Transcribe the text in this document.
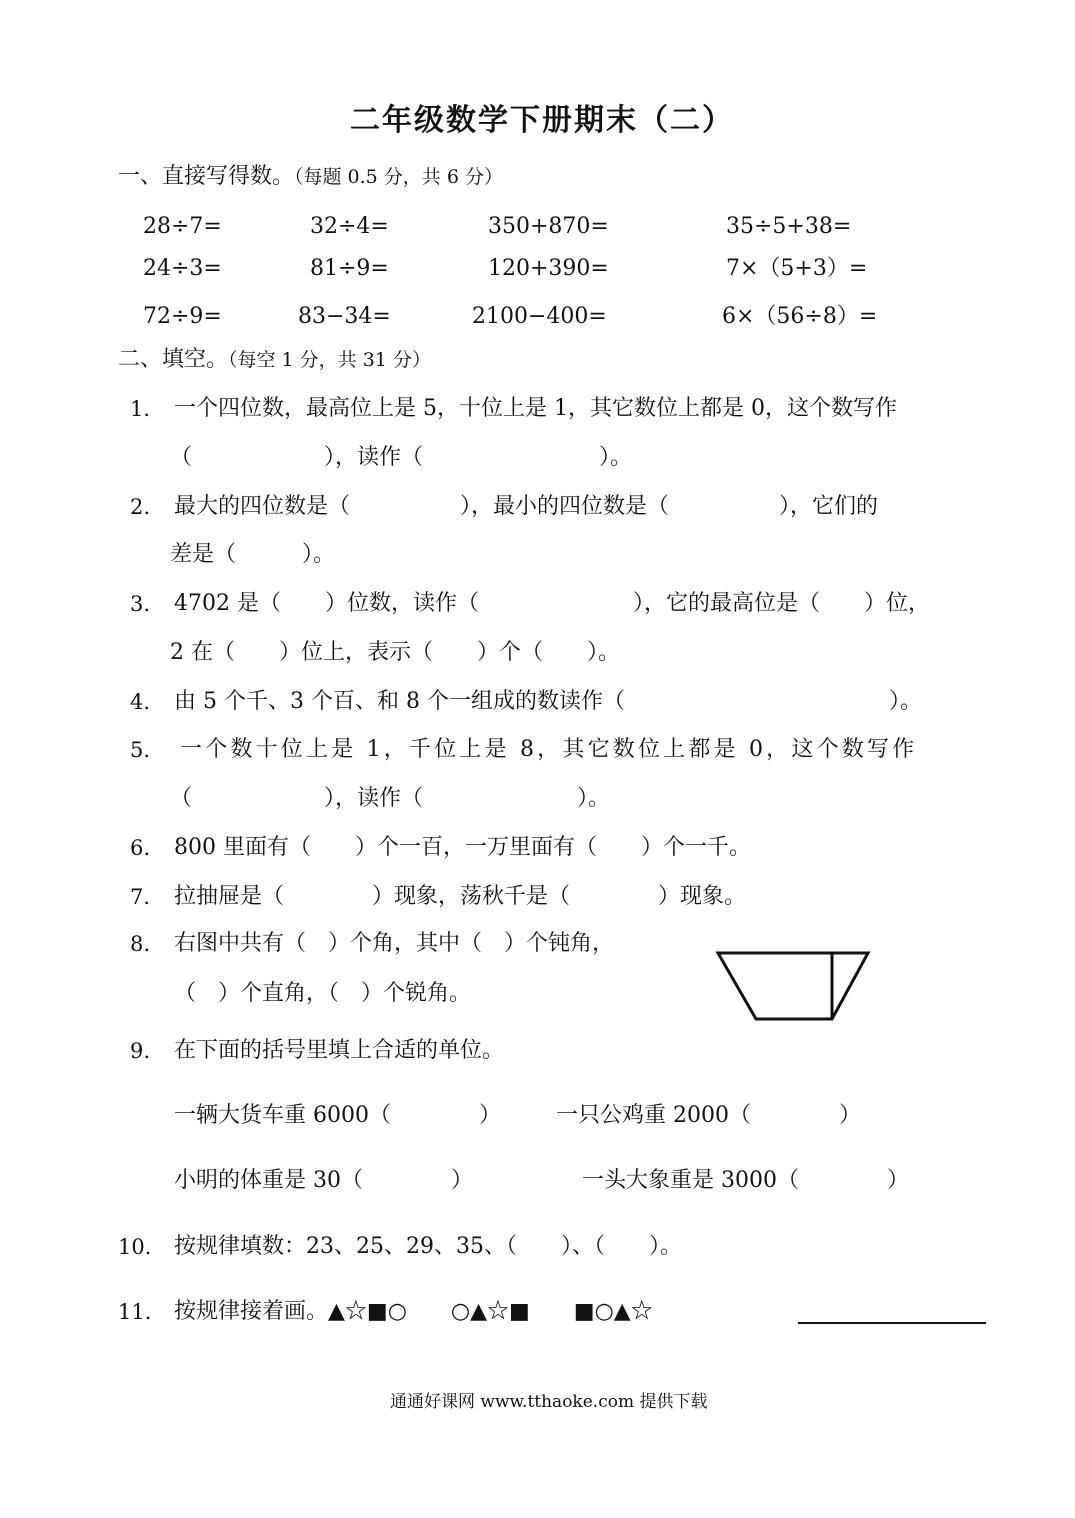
二年级数学下册期末（二）
一、直接写得数。（每题 0.5 分，共 6 分）
28÷7=	32÷4=	350+870=	35÷5+38=
24÷3=	81÷9=	120+390=	7×（5+3）=
72÷9=	83−34=	2100−400=	6×（56÷8）=
二、填空。（每空 1 分，共 31 分）
1. 一个四位数，最高位上是 5，十位上是 1，其它数位上都是 0，这个数写作
（　　　　　　），读作（　　　　　　　　）。
2. 最大的四位数是（　　　　　），最小的四位数是（　　　　　），它们的
差是（　　　）。
3. 4702 是（　　）位数，读作（　　　　　　　），它的最高位是（　　）位，
2 在（　　）位上，表示（　　）个（　　）。
4. 由 5 个千、3 个百、和 8 个一组成的数读作（　　　　　　　　　　　　）。
5. 一个数十位上是 1，千位上是 8，其它数位上都是 0，这个数写作
（　　　　　　），读作（　　　　　　　）。
6. 800 里面有（　　）个一百，一万里面有（　　）个一千。
7. 拉抽屉是（　　　　）现象，荡秋千是（　　　　）现象。
8. 右图中共有（　）个角，其中（　）个钝角，
（　）个直角，（　）个锐角。
9. 在下面的括号里填上合适的单位。
一辆大货车重 6000（　　　　）	一只公鸡重 2000（　　　　）
小明的体重是 30（　　　　）	一头大象重是 3000（　　　　）
10. 按规律填数：23、25、29、35、（　　）、（　　）。
11. 按规律接着画。▲☆■○　　○▲☆■　　■○▲☆
通通好课网 www.tthaoke.com 提供下载
